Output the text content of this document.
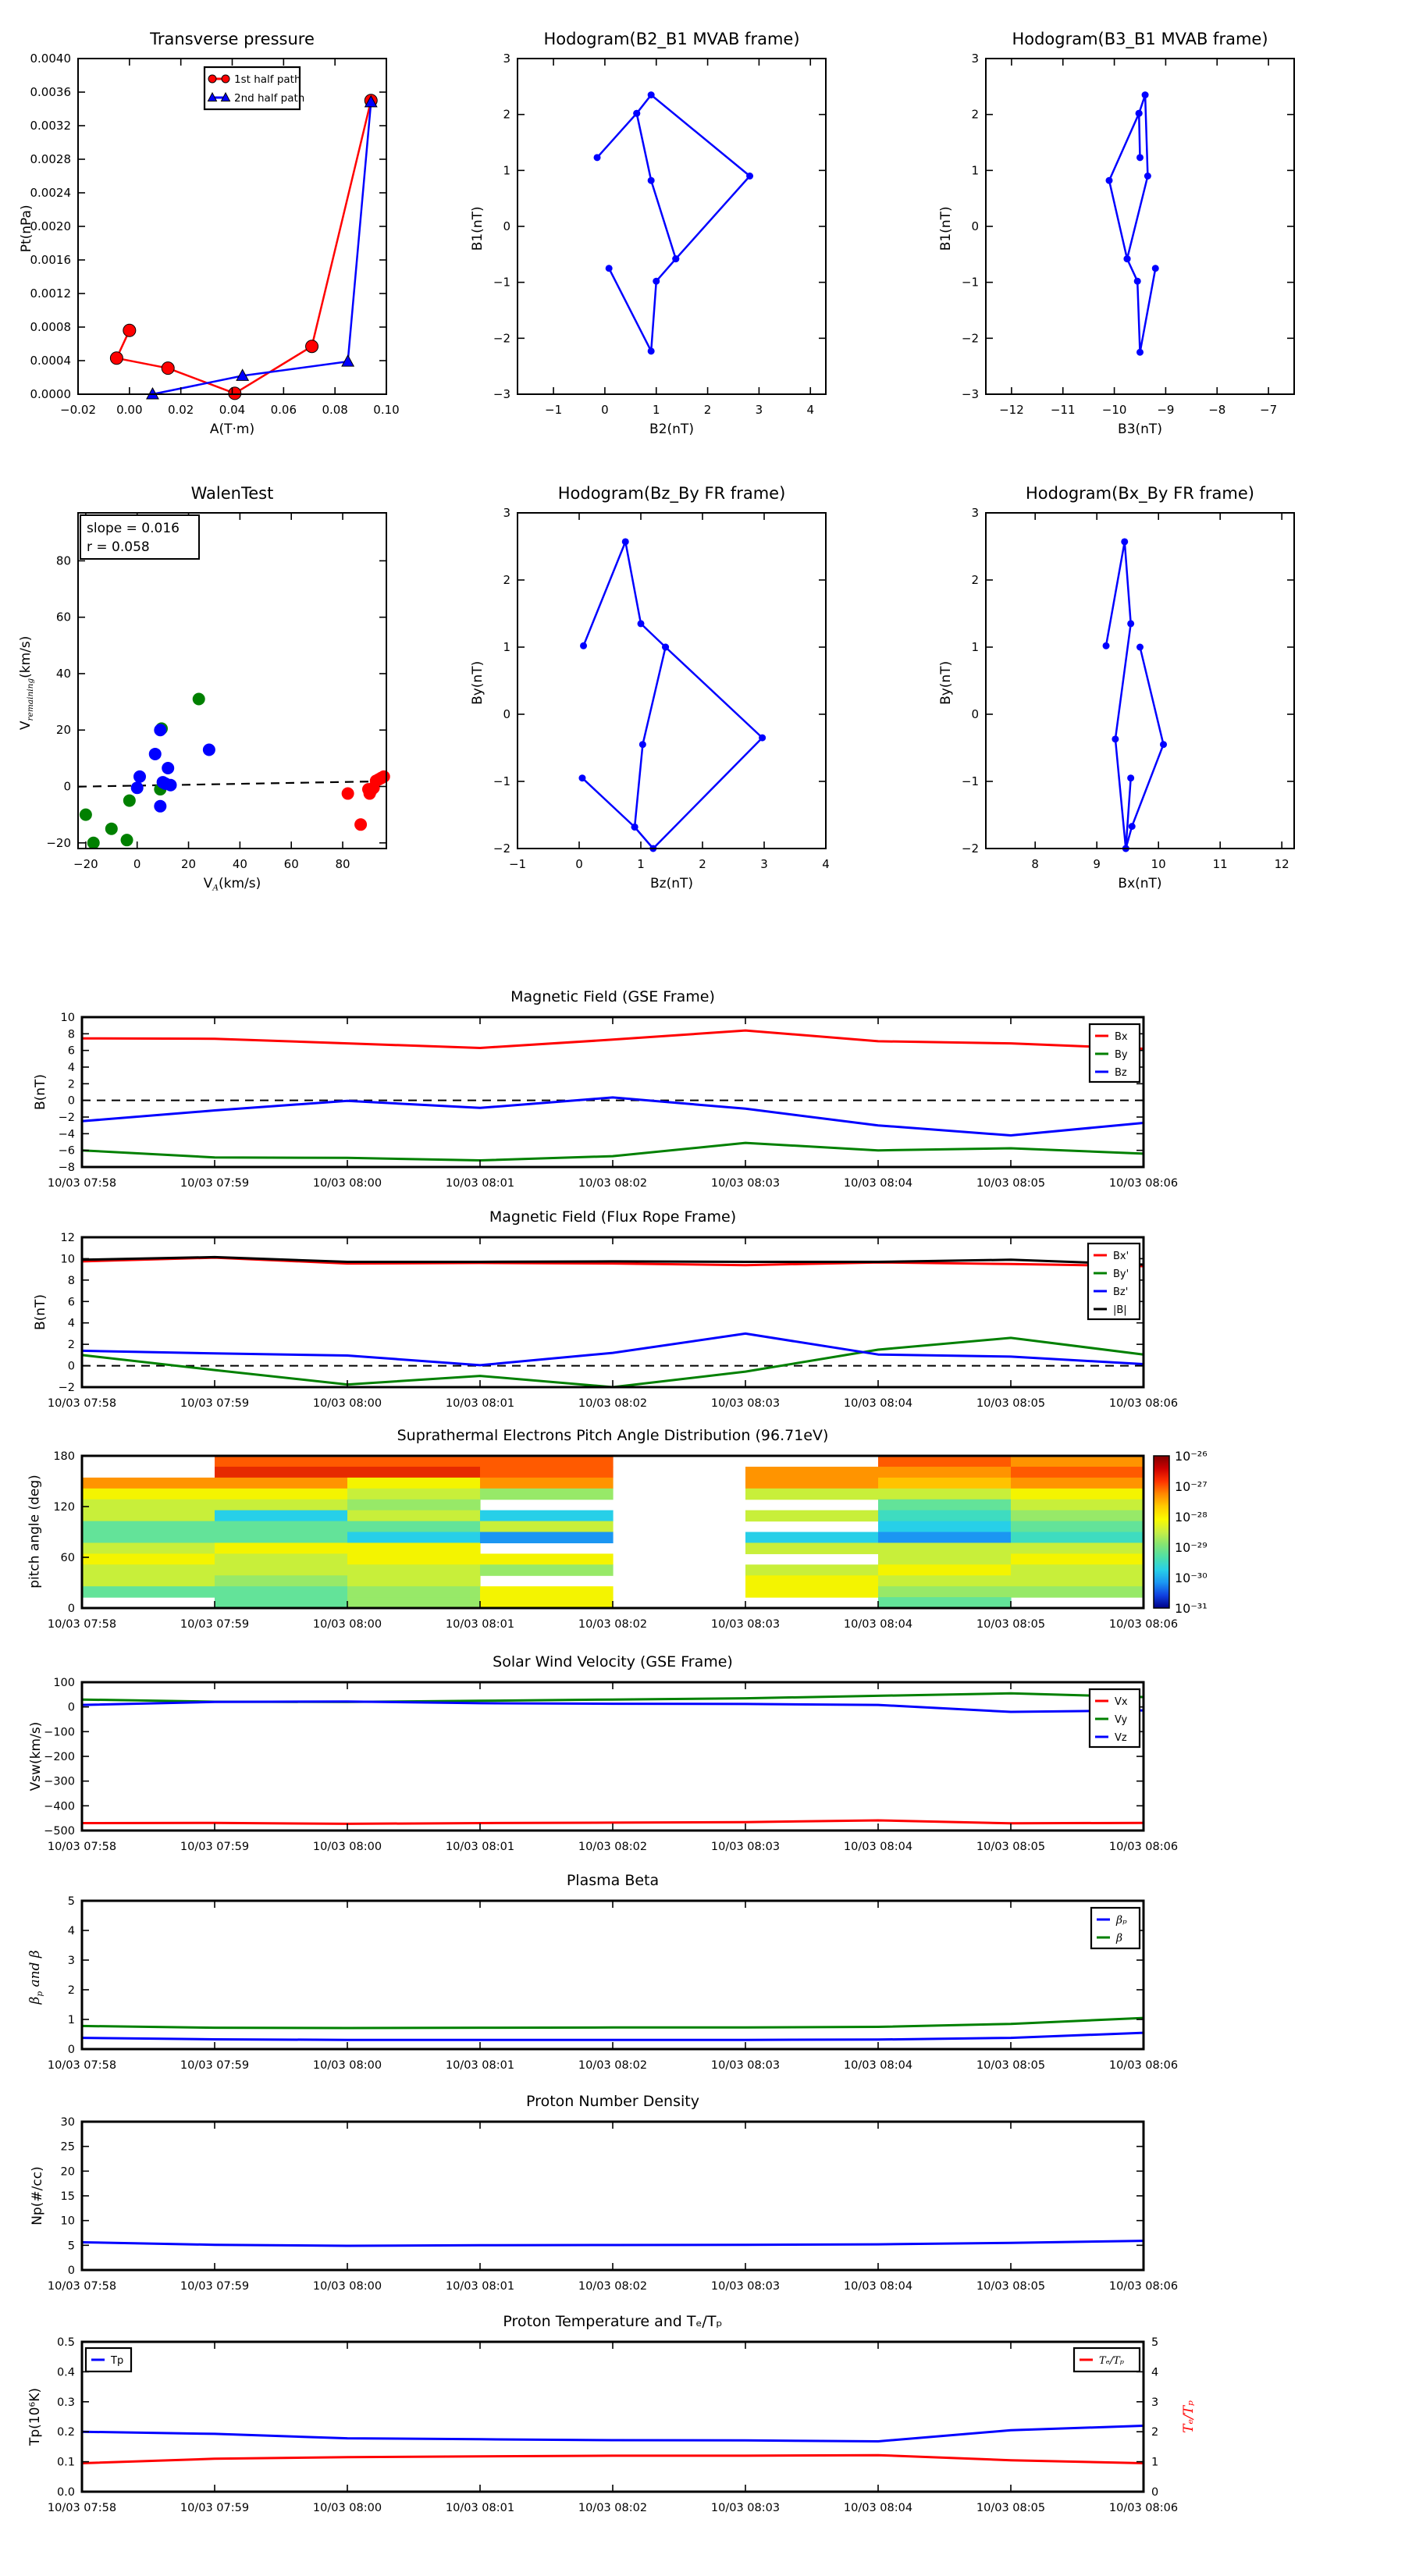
−0.02 0.00 0.02 0.04 0.06 0.08 0.10
0.0000
0.0004
0.0008
0.0012
0.0016
0.0020
0.0024
0.0028
0.0032
0.0036
0.0040
1st half path
2nd half path
−1	0	1	2	3	4
−3
−2
−1
0
1
2
3
−12 −11 −10	−9	−8	−7
−3
−2
−1
0
1
2
3
−20	0	20	40	60	80
−20
0
20
40
60
80
slope = 0.016
r = 0.058
−1	0	1	2	3	4
−2
−1
0
1
2
3
8	9	10	11	12
−2
−1
0
1
2
3
10/03 07:58	10/03 07:59	10/03 08:00	10/03 08:01	10/03 08:02	10/03 08:03	10/03 08:04	10/03 08:05	10/03 08:06
10
8
6
4
2
0
−2
−4
−6
−8
Bx
By
Bz
10/03 07:58	10/03 07:59	10/03 08:00	10/03 08:01	10/03 08:02	10/03 08:03	10/03 08:04	10/03 08:05	10/03 08:06
12
10
8
6
4
2
0
−2
Bx'
By'
Bz'
|B|
10/03 07:58	10/03 07:59	10/03 08:00	10/03 08:01	10/03 08:02	10/03 08:03	10/03 08:04	10/03 08:05	10/03 08:06
180
120
60
0
10⁻²⁶
10⁻²⁷
10⁻²⁸
10⁻²⁹
10⁻³⁰
10⁻³¹
10/03 07:58	10/03 07:59	10/03 08:00	10/03 08:01	10/03 08:02	10/03 08:03	10/03 08:04	10/03 08:05	10/03 08:06
100
0
−100
−200
−300
−400
−500
Vx
Vy
Vz
10/03 07:58	10/03 07:59	10/03 08:00	10/03 08:01	10/03 08:02	10/03 08:03	10/03 08:04	10/03 08:05	10/03 08:06
0
1
2
3
4
5
βₚ
β
10/03 07:58	10/03 07:59	10/03 08:00	10/03 08:01	10/03 08:02	10/03 08:03	10/03 08:04	10/03 08:05	10/03 08:06
0
5
10
15
20
25
30
10/03 07:58	10/03 07:59	10/03 08:00	10/03 08:01	10/03 08:02	10/03 08:03	10/03 08:04	10/03 08:05	10/03 08:06
0.0
0.1
0.2
0.3
0.4
0.5
0
1
2
3
4
5
Tp	Tₑ/Tₚ
Transverse pressure	Hodogram(B2_B1 MVAB frame)	Hodogram(B3_B1 MVAB frame)
WalenTest	Hodogram(Bz_By FR frame)	Hodogram(Bx_By FR frame)
Magnetic Field (GSE Frame)
Magnetic Field (Flux Rope Frame)
Suprathermal Electrons Pitch Angle Distribution (96.71eV)
Solar Wind Velocity (GSE Frame)
Plasma Beta
Proton Number Density
Proton Temperature and Tₑ/Tₚ
A(T·m)	B2(nT)	B3(nT)
$V_A(km/s)$	Bz(nT)	Bx(nT)
Pt(nPa)	B1(nT)	B1(nT)
$V_{remaining}(km/s)$
By(nT)	By(nT)
B(nT)
B(nT)
pitch angle (deg)
Vsw(km/s)
$\beta_p$ and β
Np(#/cc)
Tp(10⁶K)	Tₑ/Tₚ
